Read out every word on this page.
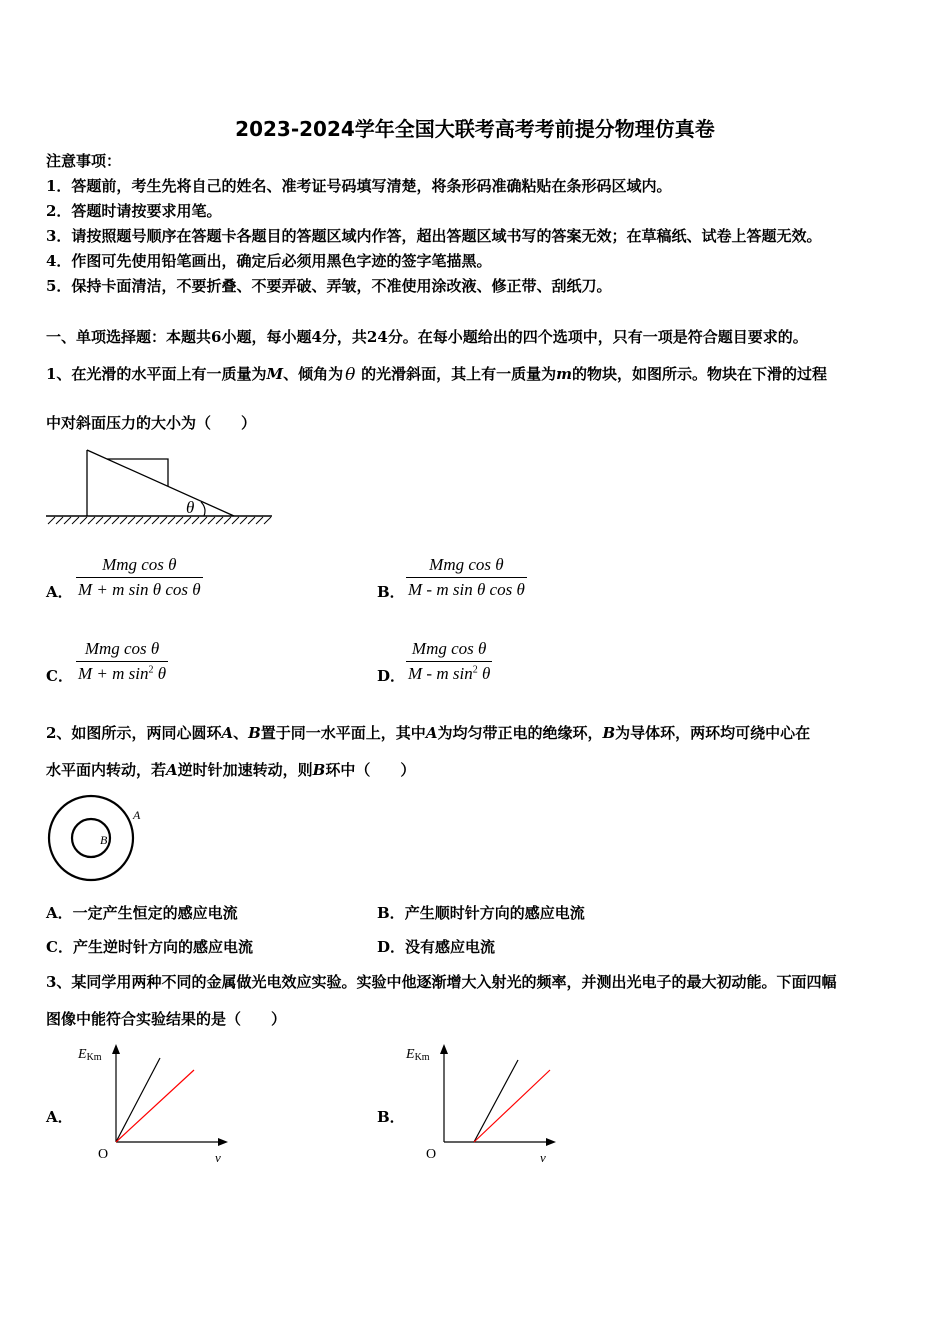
2023-2024学年全国大联考高考考前提分物理仿真卷
注意事项：
1．答题前，考生先将自己的姓名、准考证号码填写清楚，将条形码准确粘贴在条形码区域内。
2．答题时请按要求用笔。
3．请按照题号顺序在答题卡各题目的答题区域内作答，超出答题区域书写的答案无效；在草稿纸、试卷上答题无效。
4．作图可先使用铅笔画出，确定后必须用黑色字迹的签字笔描黑。
5．保持卡面清洁，不要折叠、不要弄破、弄皱，不准使用涂改液、修正带、刮纸刀。
一、单项选择题：本题共6小题，每小题4分，共24分。在每小题给出的四个选项中，只有一项是符合题目要求的。
1、在光滑的水平面上有一质量为M、倾角为 θ 的光滑斜面，其上有一质量为m的物块，如图所示。物块在下滑的过程
中对斜面压力的大小为（　　）
θ
A．
Mmg cos θ
M + m sin θ cos θ	B．
Mmg cos θ
M - m sin θ cos θ
C．
Mmg cos θ
M + m $\sin^2 \theta$	D．
Mmg cos θ
M - m $\sin^2 \theta$
2、如图所示，两同心圆环A、B置于同一水平面上，其中A为均匀带正电的绝缘环，B为导体环，两环均可绕中心在
水平面内转动，若A逆时针加速转动，则B环中（　　）
A
B
A．一定产生恒定的感应电流	B．产生顺时针方向的感应电流
C．产生逆时针方向的感应电流	D．没有感应电流
3、某同学用两种不同的金属做光电效应实验。实验中他逐渐增大入射光的频率，并测出光电子的最大初动能。下面四幅
图像中能符合实验结果的是（　　）
A．
EKm
O	ν
B．
EKm
O	ν
